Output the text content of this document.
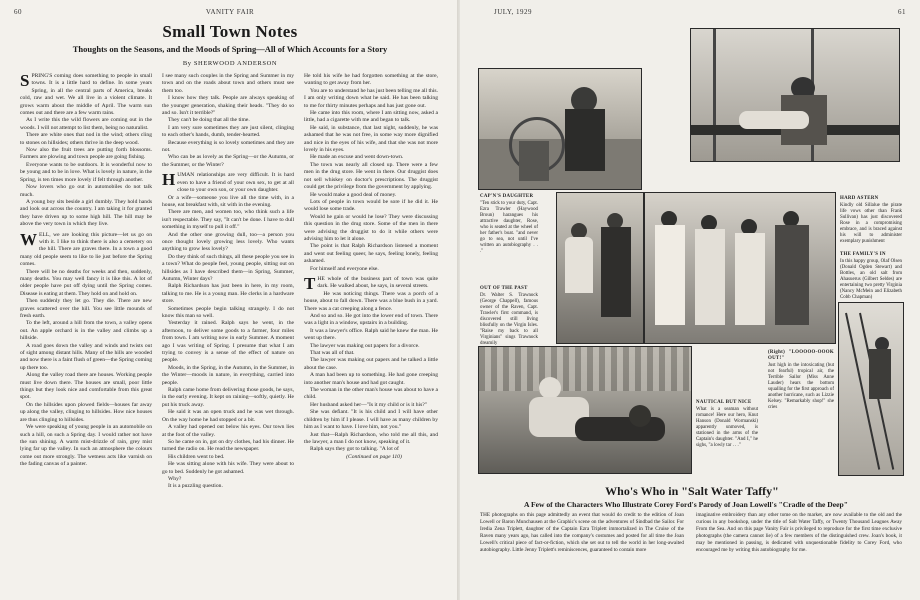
60	VANITY FAIR
Small Town Notes
Thoughts on the Seasons, and the Moods of Spring—All of Which Accounts for a Story
By SHERWOOD ANDERSON

SPRING'S coming does something to people in small towns. It is a little hard to define. In some years Spring, in all the central parts of America, breaks cold, raw and wet. We all live in a violent climate. It grows warm about the middle of April. The warm sun comes out and there are a few warm rains.

As I write this the wild flowers are coming out in the woods. I will not attempt to list them, being no naturalist.

There are white ones that nod in the wind; others cling to stones on hillsides; others thrive in the deep wood.

Now also the fruit trees are putting forth blossoms. Farmers are plowing and town people are going fishing.

Everyone wants to be outdoors. It is wonderful now to be young and to be in love. What is lovely in nature, in the Spring, is ten times more lovely if felt through another.

Now lovers who go out in automobiles do not talk much.

A young boy sits beside a girl dumbly. They hold hands and look out across the country. I am taking it for granted they have driven up to some high hill. The hill may be above the very town in which they live.

WELL, we are looking this picture—let us go on with it. I like to think there is also a cemetery on the hill. There are graves there. In a town a good many old people seem to like to lie just before the Spring comes.

There will be no deaths for weeks and then, suddenly, many deaths. You may well fancy it is like this. A lot of older people have put off dying until the Spring comes. Disease is eating at them. They hold on and hold on.

Then suddenly they let go. They die. There are new graves scattered over the hill. You see little mounds of fresh earth.

To the left, around a hill from the town, a valley opens out. An apple orchard is in the valley and climbs up a hillside.

A road goes down the valley and winds and twists out of sight among distant hills. Many of the hills are wooded and now there is a faint flush of green—the Spring coming up there too.

Along the valley road there are houses. Working people must live down there. The houses are small, poor little things but they look nice and comfortable from this great spot.

On the hillsides upon plowed fields—houses far away up along the valley, clinging to hillsides. How nice houses are thus clinging to hillsides.

We were speaking of young people in an automobile on such a hill, on such a Spring day. I would rather not have the sun shining. A warm mist-drizzle of rain, grey mist lying far up the valley. In such an atmosphere the colours come out more strongly. The wetness acts like varnish on the fading canvas of a painter.

I see many such couples in the Spring and Summer in my town and on the roads about town and others must see them too.

I know how they talk. People are always speaking of the younger generation, shaking their heads. "They do so and so. Isn't it terrible?"

They can't be doing that all the time.

I am very sure sometimes they are just silent, clinging to each other's hands, dumb, tender-hearted.

Because everything is so lovely sometimes and they are not.

Who can be as lovely as the Spring—or the Autumn, or the Summer, or the Winter?

HUMAN relationships are very difficult. It is hard even to have a friend of your own sex, to get at all close to your own son, or your own daughter.

Or a wife—someone you live all the time with, in a house, eat breakfast with, sit with in the evening.

There are men, and women too, who think such a life isn't respectable. They say, "It can't be done. I have to dull something in myself to pull it off."

And the other one growing dull, too—a person you once thought lovely growing less lovely. Who wants anything to grow less lovely?

Do they think of such things, all these people you see in a town? What do people feel, young people, sitting out on hillsides as I have described them—in Spring, Summer, Autumn, Winter days?

Ralph Richardson has just been in here, in my room, talking to me. He is a young man. He clerks in a hardware store.

Sometimes people begin talking strangely. I do not know this man so well.

Yesterday it rained. Ralph says he went, in the afternoon, to deliver some goods to a farmer, four miles from town. I am writing now in early Summer. A moment ago I was writing of Spring. I presume that what I am trying to convey is a sense of the effect of nature on people.

Moods, in the Spring, in the Autumn, in the Summer, in the Winter—moods in nature, in everything, carried into people.

Ralph came home from delivering those goods, he says, in the early evening. It kept on raining—softly, quietly. He put his truck away.

He said it was an open truck and he was wet through. On the way home he had stopped or a bit.

A valley had opened out below his eyes. Our town lies at the foot of the valley.

So he came on in, got on dry clothes, had his dinner. He turned the radio on. He read the newspaper.

His children went to bed.

He was sitting alone with his wife. They were about to go to bed. Suddenly he got ashamed.

Why?

It is a puzzling question.

He told his wife he had forgotten something at the store, wanting to get away from her.

You are to understand he has just been telling me all this. I am only writing down what he said. He has been talking to me for thirty minutes perhaps and has just gone out.

He came into this room, where I am sitting now, asked a little, had a cigarette with me and began to talk.

He said, in substance, that last night, suddenly, he was ashamed that he was not free, in some way more dignified and nice in the eyes of his wife, and that she was not more lovely in his eyes.

He made an excuse and went down-town.

The town was nearly all closed up. There were a few men in the drug store. He went in there. Our druggist does not sell whiskey on doctor's prescriptions. The druggist could get the privilege from the government by applying.

He would make a good deal of money.

Lots of people in town would be sore if he did it. He would lose some trade.

Would he gain or would he lose? They were discussing this question in the drug store. Some of the men in there were advising the druggist to do it while others were advising him to let it alone.

The point is that Ralph Richardson listened a moment and went out feeling queer, he says, feeling lonely, feeling ashamed.

For himself and everyone else.

THE whole of the business part of town was quite dark. He walked about, he says, in several streets.

He was noticing things. There was a porch of a house, about to fall down. There was a blue bush in a yard. There was a cat creeping along a fence.

And so and so. He got into the lower end of town. There was a light in a window, upstairs in a building.

It was a lawyer's office. Ralph said he knew the man. He went up there.

The lawyer was making out papers for a divorce.

That was all of that.

The lawyer was making out papers and he talked a little about the case.

A man had been up to something. He had gone creeping into another man's house and had got caught.

The woman in the other man's house was about to have a child.

Her husband asked her—"Is it my child or is it his?"

She was defiant. "It is his child and I will have other children by him if I please. I will have as many children by him as I want to have. I love him, not you."

Just that—Ralph Richardson, who told me all this, and the lawyer, a man I do not know, speaking of it.

Ralph says they got to talking. "A lot of

(Continued on page 110)

JULY, 1929	61
HARD ASTERN
Kindly old Sillalue the pirate life vows other than Frank Sullivan) has just discovered Rose in a compromising embrace, and is braced against his will to administer exemplary punishment
THE FAMILY'S IN
In this happy group, Olaf Olsen (Donald Ogden Stewart) and Bottles, an old salt from Ahasuerus (Gilbert Seldes) are entertaining two pretty Virginia (Nancy McMein and Elizabeth Cobb Chapman)
CAP'N'S DAUGHTER
"Ten stick to your duty, Capt. Ezra Trawler (Haywood Broun) harangues his attractive daughter, Rose, who is seated at the wheel of her father's boat. "and never go to sea, not until I've written an autobiography . . ."
OUT OF THE PAST
Dr. Walter S. Trawnock (George Chappell), famous owner of the Raven, Capt. Trawler's first command, is discovered still living blissfully on the Virgin Isles. "Raise my back to all Virginians" sings Trawnock dreamily
(Right) "LOOOOO-OOOK OUT!"
Just high in the intoxicating (but not fearful) tropical air, the Terrible Sailor (Miss Anne Lauder) hears the bottom squalling for the first approach of another hurricane, such as Lizzie Kelsey. "Remarkably shop!" she cries
NAUTICAL BUT NICE
What is a seaman without romance! Here our hero, Knut Hanson (Donald Wormanski) apparently unmoved, is stationed in the arms of the Captain's daughter. "And I," he sighs, "a lowly tar . . ."
Who's Who in "Salt Water Taffy"
A Few of the Characters Who Illustrate Corey Ford's Parody of Joan Lowell's "Cradle of the Deep"
THE photographs on this page admittedly an event that would do credit to the edition of Joan Lowell or Baron Munchausen at the Graphic's scene on the adventures of Sindbad the Sailor. For Iredia Zena Triplett, daughter of the Captain Ezra Triplett immortalized in The Cruise of the Raven many years ago, has called into the company's costumes and posted for all time the Joan Lowell's critical piece of fact-or-fiction, which she set out to tell the world in her long-awaited autobiography. Little Jenny Triplett's reminiscences, guaranteed to contain more
imaginative embroidery than any other tome on the market, are now available to the old and the curious in any bookshop, under the title of Salt Water Taffy, or Twenty Thousand Leagues Away From the Sea. And on this page Vanity Fair is privileged to reproduce for the first time exclusive photographs (the camera cannot lie) of a few members of the distinguished crew. Joan's book, it may be mentioned in passing, is dedicated with unquestionable fidelity to Corey Ford, who encouraged me by writing this autobiography for me.
